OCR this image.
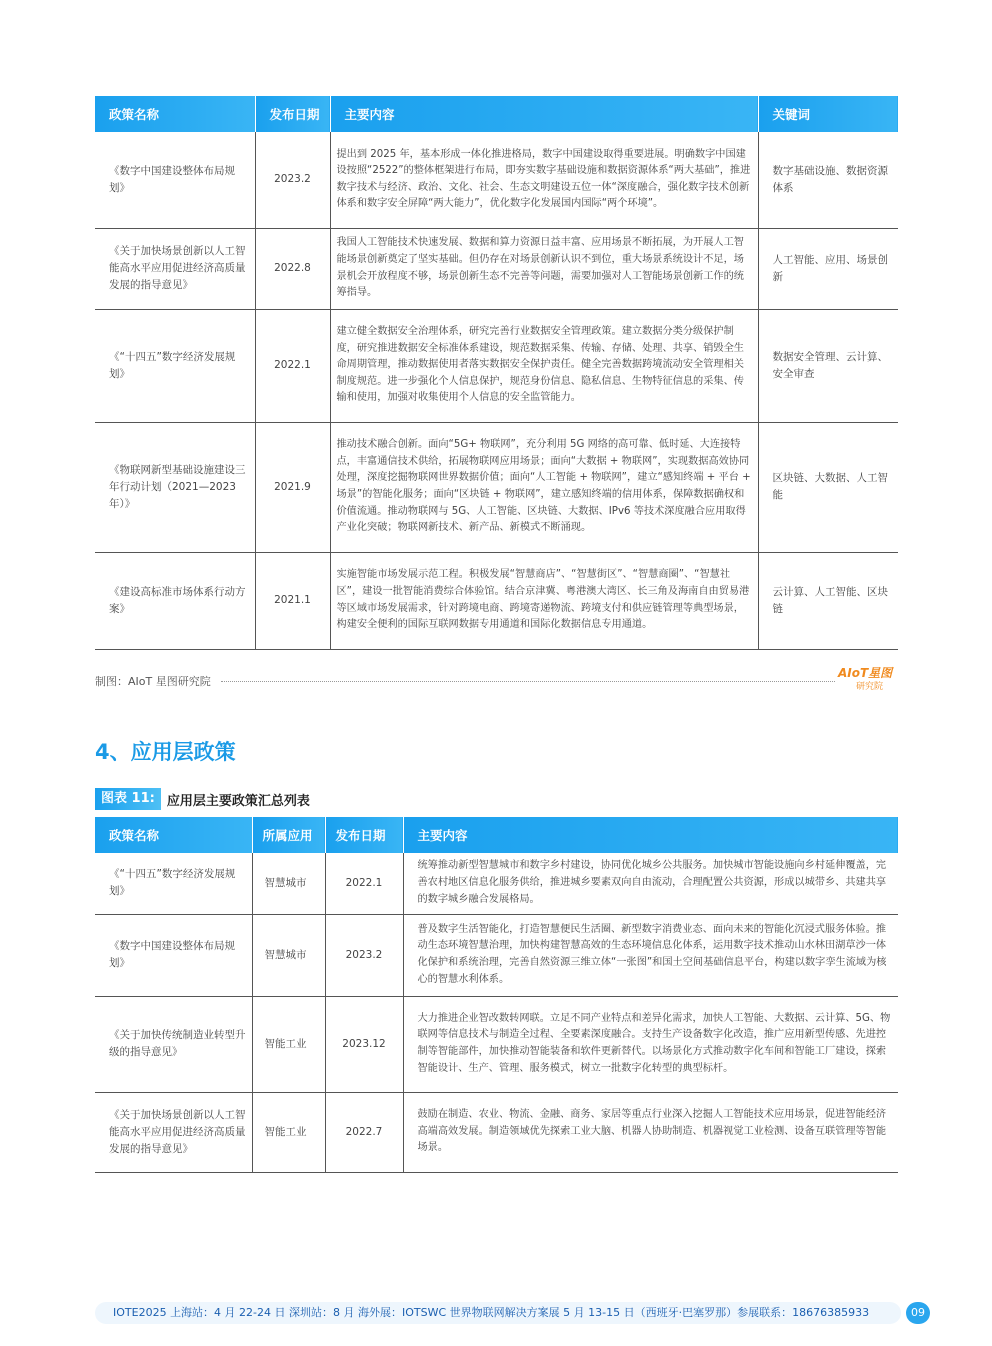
政策名称	发布日期	主要内容	关键词
《数字中国建设整体布局规划》	2023.2	提出到 2025 年，基本形成一体化推进格局，数字中国建设取得重要进展。明确数字中国建设按照“2522”的整体框架进行布局，即夯实数字基础设施和数据资源体系“两大基础”，推进数字技术与经济、政治、文化、社会、生态文明建设五位一体“深度融合，强化数字技术创新体系和数字安全屏障“两大能力”，优化数字化发展国内国际“两个环境”。	数字基础设施、数据资源体系
《关于加快场景创新以人工智能高水平应用促进经济高质量发展的指导意见》	2022.8	我国人工智能技术快速发展、数据和算力资源日益丰富、应用场景不断拓展，为开展人工智能场景创新奠定了坚实基础。但仍存在对场景创新认识不到位，重大场景系统设计不足，场景机会开放程度不够，场景创新生态不完善等问题，需要加强对人工智能场景创新工作的统筹指导。	人工智能、应用、场景创新
《“十四五”数字经济发展规划》	2022.1	建立健全数据安全治理体系，研究完善行业数据安全管理政策。建立数据分类分级保护制度，研究推进数据安全标准体系建设，规范数据采集、传输、存储、处理、共享、销毁全生命周期管理，推动数据使用者落实数据安全保护责任。健全完善数据跨境流动安全管理相关制度规范。进一步强化个人信息保护，规范身份信息、隐私信息、生物特征信息的采集、传输和使用，加强对收集使用个人信息的安全监管能力。	数据安全管理、云计算、安全审查
《物联网新型基础设施建设三年行动计划（2021—2023 年）》	2021.9	推动技术融合创新。面向“5G+ 物联网”，充分利用 5G 网络的高可靠、低时延、大连接特点，丰富通信技术供给，拓展物联网应用场景；面向“大数据 + 物联网”，实现数据高效协同处理，深度挖掘物联网世界数据价值；面向“人工智能 + 物联网”，建立“感知终端 + 平台 + 场景”的智能化服务；面向“区块链 + 物联网”，建立感知终端的信用体系，保障数据确权和价值流通。推动物联网与 5G、人工智能、区块链、大数据、IPv6 等技术深度融合应用取得产业化突破；物联网新技术、新产品、新模式不断涌现。	区块链、大数据、人工智能
《建设高标准市场体系行动方案》	2021.1	实施智能市场发展示范工程。积极发展“智慧商店”、“智慧街区”、“智慧商圈”、“智慧社区”，建设一批智能消费综合体验馆。结合京津冀、粤港澳大湾区、长三角及海南自由贸易港等区域市场发展需求，针对跨境电商、跨境寄递物流、跨境支付和供应链管理等典型场景，构建安全便利的国际互联网数据专用通道和国际化数据信息专用通道。	云计算、人工智能、区块链
制图：AIoT 星图研究院
AIoT星图
研究院
4、应用层政策
图表 11: 应用层主要政策汇总列表
政策名称	所属应用	发布日期	主要内容
《“十四五”数字经济发展规划》	智慧城市	2022.1	统筹推动新型智慧城市和数字乡村建设，协同优化城乡公共服务。加快城市智能设施向乡村延伸覆盖，完善农村地区信息化服务供给，推进城乡要素双向自由流动，合理配置公共资源，形成以城带乡、共建共享的数字城乡融合发展格局。
《数字中国建设整体布局规划》	智慧城市	2023.2	普及数字生活智能化，打造智慧便民生活圈、新型数字消费业态、面向未来的智能化沉浸式服务体验。推动生态环境智慧治理，加快构建智慧高效的生态环境信息化体系，运用数字技术推动山水林田湖草沙一体化保护和系统治理，完善自然资源三维立体“一张图”和国土空间基础信息平台，构建以数字孪生流域为核心的智慧水利体系。
《关于加快传统制造业转型升级的指导意见》	智能工业	2023.12	大力推进企业智改数转网联。立足不同产业特点和差异化需求，加快人工智能、大数据、云计算、5G、物联网等信息技术与制造全过程、全要素深度融合。支持生产设备数字化改造，推广应用新型传感、先进控制等智能部件，加快推动智能装备和软件更新替代。以场景化方式推动数字化车间和智能工厂建设，探索智能设计、生产、管理、服务模式，树立一批数字化转型的典型标杆。
《关于加快场景创新以人工智能高水平应用促进经济高质量发展的指导意见》	智能工业	2022.7	鼓励在制造、农业、物流、金融、商务、家居等重点行业深入挖掘人工智能技术应用场景，促进智能经济高端高效发展。制造领域优先探索工业大脑、机器人协助制造、机器视觉工业检测、设备互联管理等智能场景。
IOTE2025 上海站：4 月 22-24 日 深圳站：8 月 海外展：IOTSWC 世界物联网解决方案展 5 月 13-15 日（西班牙·巴塞罗那）参展联系：18676385933	09
